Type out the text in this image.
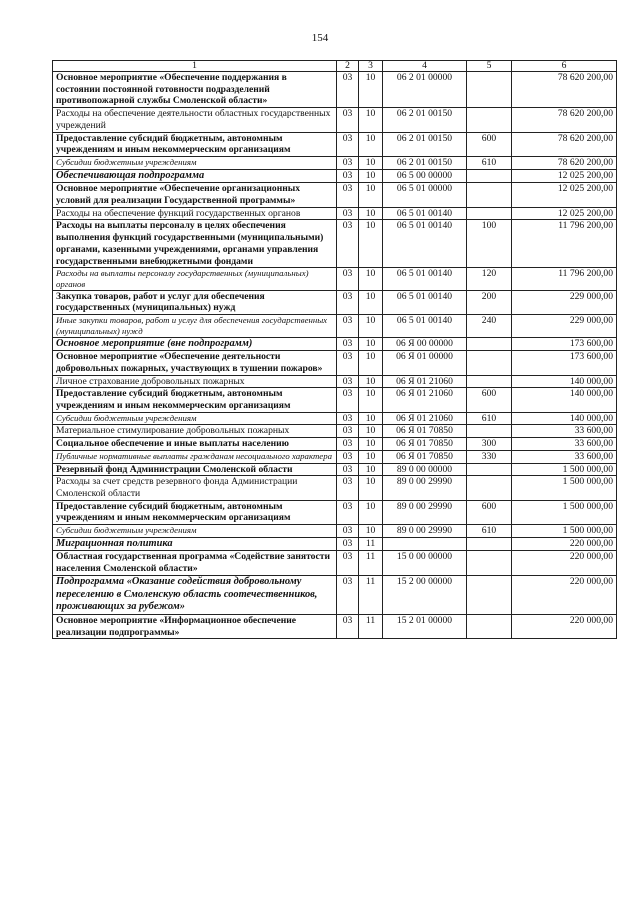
154
1	2	3	4	5	6
Основное мероприятие «Обеспечение поддержания в состоянии постоянной готовности подразделений противопожарной службы Смоленской области»	03	10	06 2 01 00000		78 620 200,00
Расходы на обеспечение деятельности областных государственных учреждений	03	10	06 2 01 00150		78 620 200,00
Предоставление субсидий бюджетным, автономным учреждениям и иным некоммерческим организациям	03	10	06 2 01 00150	600	78 620 200,00
Субсидии бюджетным учреждениям	03	10	06 2 01 00150	610	78 620 200,00
Обеспечивающая подпрограмма	03	10	06 5 00 00000		12 025 200,00
Основное мероприятие «Обеспечение организационных условий для реализации Государственной программы»	03	10	06 5 01 00000		12 025 200,00
Расходы на обеспечение функций государственных органов	03	10	06 5 01 00140		12 025 200,00
Расходы на выплаты персоналу в целях обеспечения выполнения функций государственными (муниципальными) органами, казенными учреждениями, органами управления государственными внебюджетными фондами	03	10	06 5 01 00140	100	11 796 200,00
Расходы на выплаты персоналу государственных (муниципальных) органов	03	10	06 5 01 00140	120	11 796 200,00
Закупка товаров, работ и услуг для обеспечения государственных (муниципальных) нужд	03	10	06 5 01 00140	200	229 000,00
Иные закупки товаров, работ и услуг для обеспечения государственных (муниципальных) нужд	03	10	06 5 01 00140	240	229 000,00
Основное мероприятие (вне подпрограмм)	03	10	06 Я 00 00000		173 600,00
Основное мероприятие «Обеспечение деятельности добровольных пожарных, участвующих в тушении пожаров»	03	10	06 Я 01 00000		173 600,00
Личное страхование добровольных пожарных	03	10	06 Я 01 21060		140 000,00
Предоставление субсидий бюджетным, автономным учреждениям и иным некоммерческим организациям	03	10	06 Я 01 21060	600	140 000,00
Субсидии бюджетным учреждениям	03	10	06 Я 01 21060	610	140 000,00
Материальное стимулирование добровольных пожарных	03	10	06 Я 01 70850		33 600,00
Социальное обеспечение и иные выплаты населению	03	10	06 Я 01 70850	300	33 600,00
Публичные нормативные выплаты гражданам несоциального характера	03	10	06 Я 01 70850	330	33 600,00
Резервный фонд Администрации Смоленской области	03	10	89 0 00 00000		1 500 000,00
Расходы за счет средств резервного фонда Администрации Смоленской области	03	10	89 0 00 29990		1 500 000,00
Предоставление субсидий бюджетным, автономным учреждениям и иным некоммерческим организациям	03	10	89 0 00 29990	600	1 500 000,00
Субсидии бюджетным учреждениям	03	10	89 0 00 29990	610	1 500 000,00
Миграционная политика	03	11			220 000,00
Областная государственная программа «Содействие занятости населения Смоленской области»	03	11	15 0 00 00000		220 000,00
Подпрограмма «Оказание содействия добровольному переселению в Смоленскую область соотечественников, проживающих за рубежом»	03	11	15 2 00 00000		220 000,00
Основное мероприятие «Информационное обеспечение реализации подпрограммы»	03	11	15 2 01 00000		220 000,00
